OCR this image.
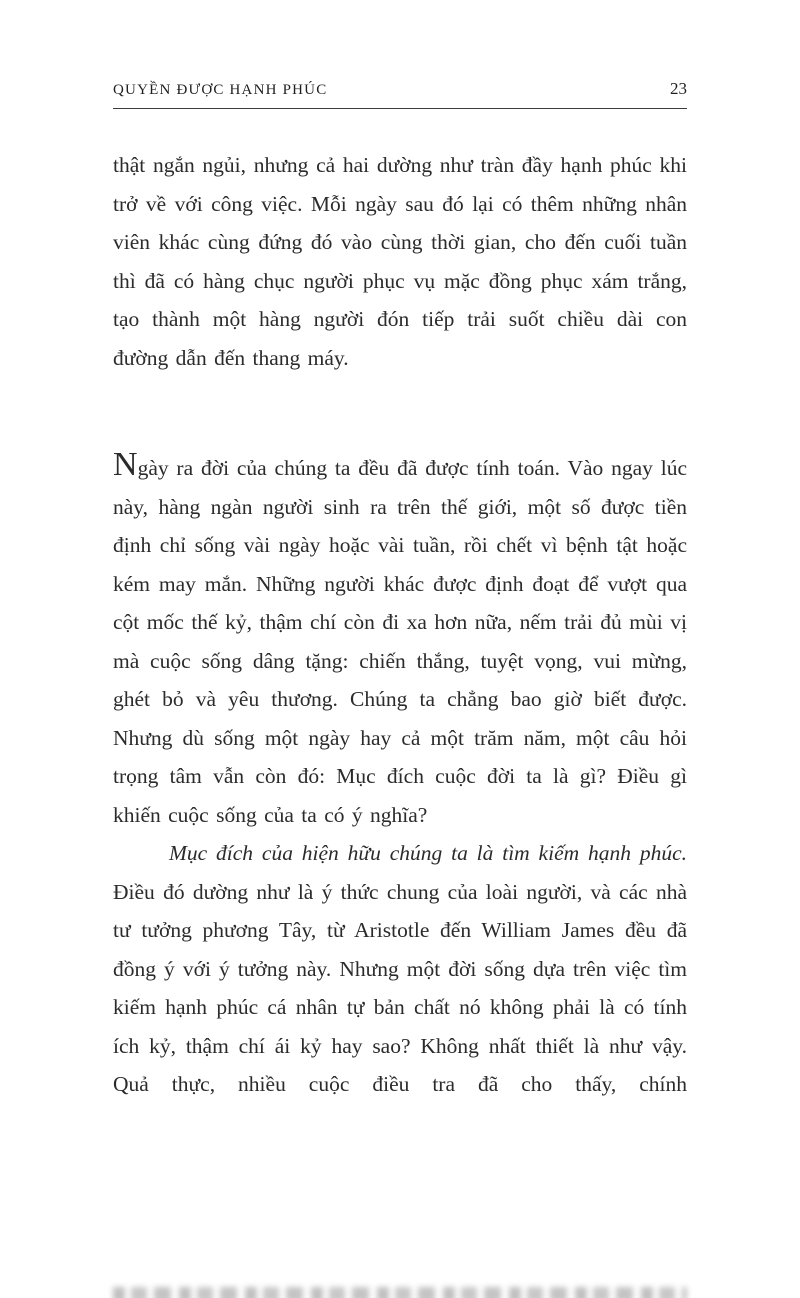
QUYỀN ĐƯỢC HẠNH PHÚC	23

thật ngắn ngủi, nhưng cả hai dường như tràn đầy hạnh phúc khi trở về với công việc. Mỗi ngày sau đó lại có thêm những nhân viên khác cùng đứng đó vào cùng thời gian, cho đến cuối tuần thì đã có hàng chục người phục vụ mặc đồng phục xám trắng, tạo thành một hàng người đón tiếp trải suốt chiều dài con đường dẫn đến thang máy.

Ngày ra đời của chúng ta đều đã được tính toán. Vào ngay lúc này, hàng ngàn người sinh ra trên thế giới, một số được tiền định chỉ sống vài ngày hoặc vài tuần, rồi chết vì bệnh tật hoặc kém may mắn. Những người khác được định đoạt để vượt qua cột mốc thế kỷ, thậm chí còn đi xa hơn nữa, nếm trải đủ mùi vị mà cuộc sống dâng tặng: chiến thắng, tuyệt vọng, vui mừng, ghét bỏ và yêu thương. Chúng ta chẳng bao giờ biết được. Nhưng dù sống một ngày hay cả một trăm năm, một câu hỏi trọng tâm vẫn còn đó: Mục đích cuộc đời ta là gì? Điều gì khiến cuộc sống của ta có ý nghĩa?

Mục đích của hiện hữu chúng ta là tìm kiếm hạnh phúc. Điều đó dường như là ý thức chung của loài người, và các nhà tư tưởng phương Tây, từ Aristotle đến William James đều đã đồng ý với ý tưởng này. Nhưng một đời sống dựa trên việc tìm kiếm hạnh phúc cá nhân tự bản chất nó không phải là có tính ích kỷ, thậm chí ái kỷ hay sao? Không nhất thiết là như vậy. Quả thực, nhiều cuộc điều tra đã cho thấy, chính
